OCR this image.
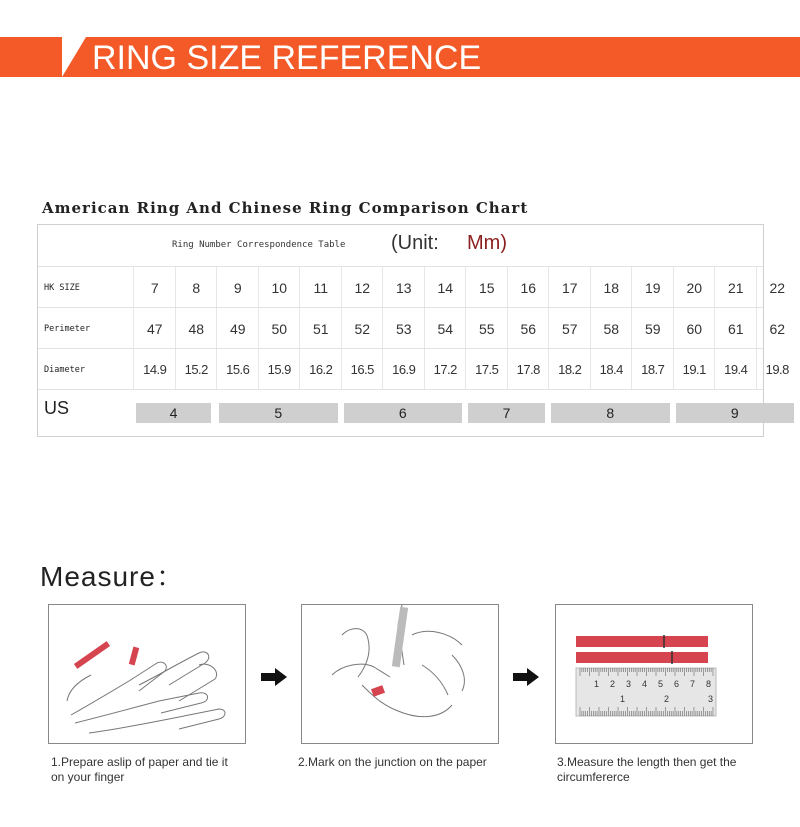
RING SIZE REFERENCE
American Ring And Chinese Ring Comparison Chart
Ring Number Correspondence Table (Unit: Mm)
HK SIZE	7	8	9	10	11	12	13	14	15	16	17	18	19	20	21	22
Perimeter	47	48	49	50	51	52	53	54	55	56	57	58	59	60	61	62
Diameter	14.9	15.2	15.6	15.9	16.2	16.5	16.9	17.2	17.5	17.8	18.2	18.4	18.7	19.1	19.4	19.8
US	4	5	6	7	8	9
Measure：
1 2 3 4 5 6 7 8
1	2	3
1.Prepare aslip of paper and tie it
on your finger
2.Mark on the junction on the paper	3.Measure the length then get the
circumfererce
